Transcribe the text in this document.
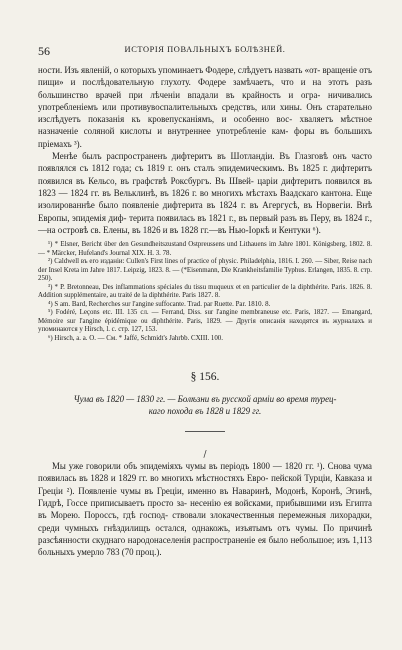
56	ИСТОРІЯ ПОВАЛЬНЫХЪ БОЛѢЗНЕЙ.

ности. Изъ явленій, о которыхъ упоминаетъ Фодере, слѣдуетъ назвать «от- вращеніе отъ пищи» и послѣдовательную глухоту. Фодере замѣчаетъ, что и на этотъ разъ большинство врачей при лѣченіи впадали въ крайность и огра- ничивались употребленіемъ или противувоспалительныхъ средствъ, или хины. Онъ старательно изслѣдуетъ показанія къ кровепусканіямъ, и особенно вос- хваляетъ мѣстное назначеніе соляной кислоты и внутреннее употребленіе кам- форы въ большихъ пріемахъ ³).

Менѣе былъ распространенъ дифтеритъ въ Шотландіи. Въ Глазговѣ онъ часто появлялся съ 1812 года; съ 1819 г. онъ сталъ эпидемическимъ. Въ 1825 г. дифтеритъ появился въ Кельсо, въ графствѣ Роксбургъ. Въ Швей- царіи дифтеритъ появился въ 1823 — 1824 гг. въ Вельклинѣ, въ 1826 г. во многихъ мѣстахъ Ваадскаго кантона. Еще изолированнѣе было появленіе дифтерита въ 1824 г. въ Агергусѣ, въ Норвегіи. Внѣ Европы, эпидемія диф- терита появилась въ 1821 г., въ первый разъ въ Перу, въ 1824 г.,—на островѣ св. Елены, въ 1826 и въ 1828 гг.—въ Нью-Іоркѣ и Кентуки ⁶).

¹) * Elsner, Bericht über den Gesundheitszustand Ostpreussens und Lithauens im Jahre 1801. Königsberg, 1802. 8. — * Märcker, Hufeland's Journal XIX. H. 3. 78.
²) Caldwell въ его изданіи: Cullen's First lines of practice of physic. Philadelphia, 1816. I. 260. — Siber, Reise nach der Insel Kreta im Jahre 1817. Leipzig, 1823. 8. — (*Eisenmann, Die Krankheitsfamilie Typhus. Erlangen, 1835. 8. стр. 250).
³) * P. Bretonneau, Des inflammations spéciales du tissu muqueux et en particulier de la diphthérite. Paris. 1826. 8. Addition supplémentaire, au traité de la diphthérite. Paris 1827. 8.
⁴) S am. Bard, Recherches sur l'angine suffocante. Trad. par Ruette. Par. 1810. 8.
⁵) Fodéré, Leçons etc. III. 135 сл. — Ferrand, Diss. sur l'angine membraneuse etc. Paris, 1827. — Emangard, Mémoire sur l'angine épidémique ou diphthérite. Paris, 1829. — Другія описанія находятся въ журналахъ и упоминаются у Hirsch, l. c. стр. 127, 153.
⁶) Hirsch, a. a. O. — См. * Jaffé, Schmidt's Jahrbb. CXIII. 100.
§ 156.
Чума въ 1820 — 1830 гг. — Болѣзни въ русской арміи во время турец-
каго похода въ 1828 и 1829 гг.
/

Мы уже говорили объ эпидеміяхъ чумы въ періодъ 1800 — 1820 гг. ¹). Снова чума появилась въ 1828 и 1829 гг. во многихъ мѣстностяхъ Евро- пейской Турціи, Кавказа и Греціи ²). Появленіе чумы въ Греціи, именно въ Наваринѣ, Модонѣ, Коронѣ, Эгинѣ, Гидрѣ, Госсе приписываетъ просто за- несенію ея войсками, прибывшими изъ Египта въ Морею. Пороссъ, гдѣ господ- ствовали злокачественныя перемежныя лихорадки, среди чумныхъ гнѣздилищъ остался, однакожъ, изъятымъ отъ чумы. По причинѣ разсѣянности скуднаго народонаселенія распространеніе ея было небольшое; изъ 1,113 больныхъ умерло 783 (70 проц.).
